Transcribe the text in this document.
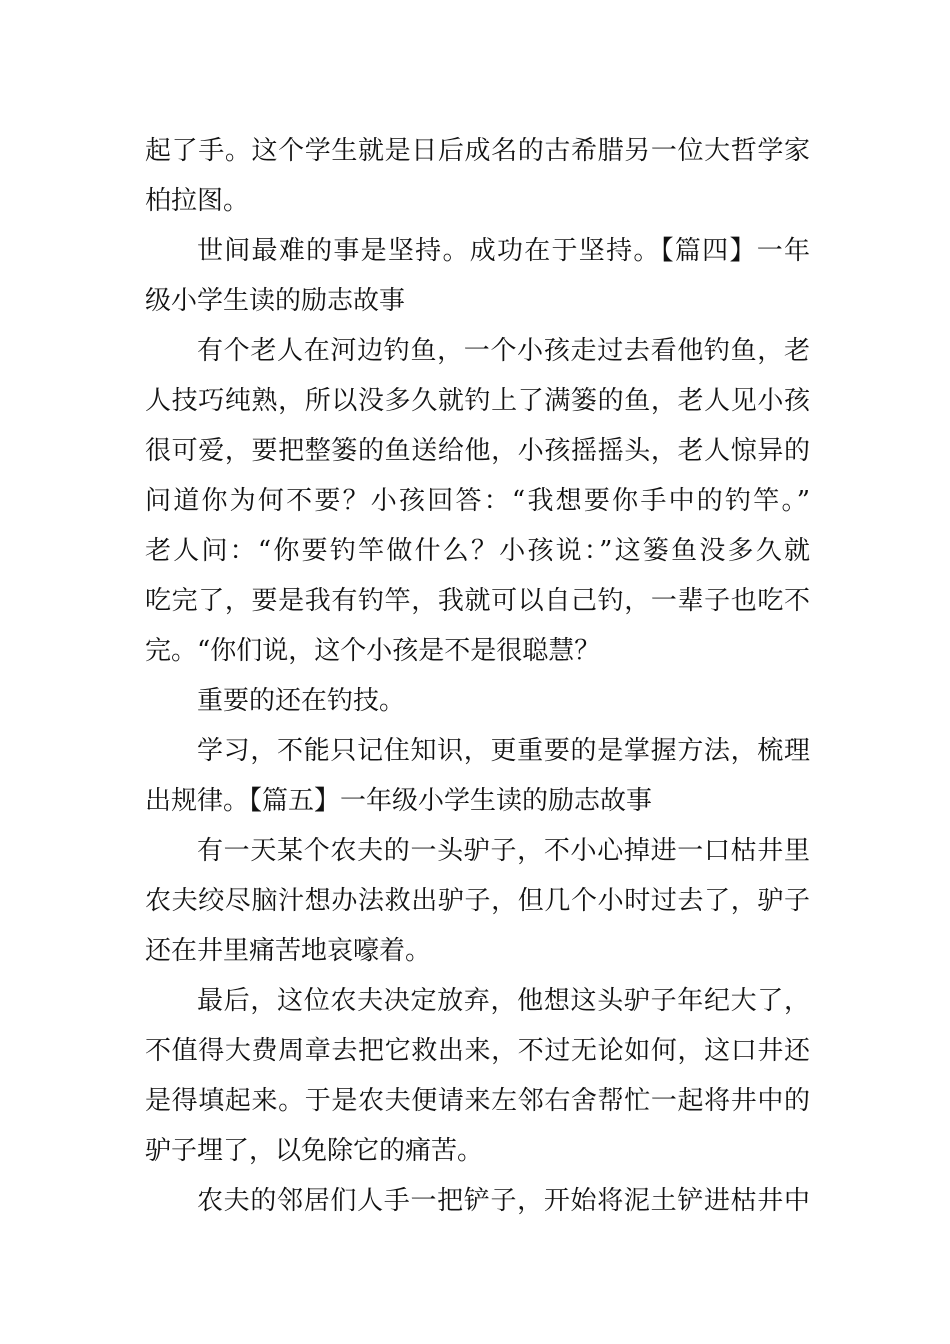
起了手。这个学生就是日后成名的古希腊另一位大哲学家
柏拉图。
世间最难的事是坚持。成功在于坚持。【篇四】一年
级小学生读的励志故事
有个老人在河边钓鱼，一个小孩走过去看他钓鱼，老
人技巧纯熟，所以没多久就钓上了满篓的鱼，老人见小孩
很可爱，要把整篓的鱼送给他，小孩摇摇头，老人惊异的
问道你为何不要？小孩回答：“我想要你手中的钓竿。”
老人问：“你要钓竿做什么？小孩说：”这篓鱼没多久就
吃完了，要是我有钓竿，我就可以自己钓，一辈子也吃不
完。“你们说，这个小孩是不是很聪慧？
重要的还在钓技。
学习，不能只记住知识，更重要的是掌握方法，梳理
出规律。【篇五】一年级小学生读的励志故事
有一天某个农夫的一头驴子，不小心掉进一口枯井里
农夫绞尽脑汁想办法救出驴子，但几个小时过去了，驴子
还在井里痛苦地哀嚎着。
最后，这位农夫决定放弃，他想这头驴子年纪大了，
不值得大费周章去把它救出来，不过无论如何，这口井还
是得填起来。于是农夫便请来左邻右舍帮忙一起将井中的
驴子埋了，以免除它的痛苦。
农夫的邻居们人手一把铲子，开始将泥土铲进枯井中
